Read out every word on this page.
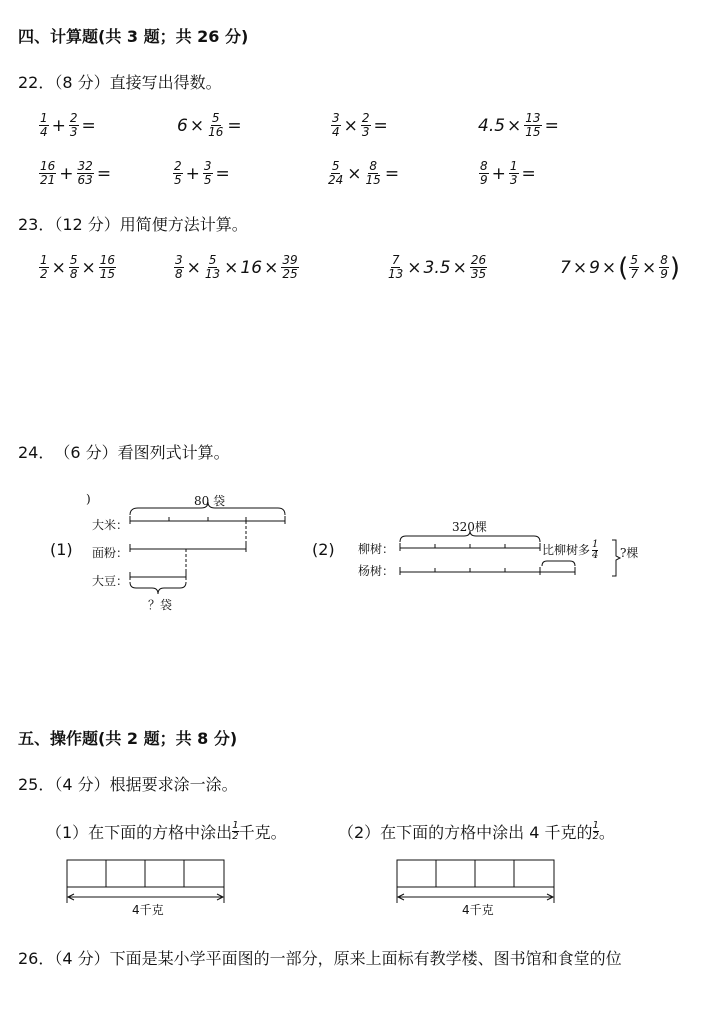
四、计算题(共 3 题；共 26 分)
22．（8 分）直接写出得数。
$\frac{1}{4} + \frac{2}{3}$ =	$6 \times \frac{5}{16}$ =	$\frac{3}{4} \times \frac{2}{3}$ =	$4.5 \times \frac{13}{15}$ =
$\frac{16}{21} + \frac{32}{63}$ =	$\frac{2}{5} + \frac{3}{5}$ =	$\frac{5}{24} \times \frac{8}{15}$ =	$\frac{8}{9} + \frac{1}{3}$ =
23．（12 分）用简便方法计算。
$\frac{1}{2} \times \frac{5}{8} \times \frac{16}{15}$	$\frac{3}{8} \times \frac{5}{13} \times 16 \times \frac{39}{25}$	$\frac{7}{13} \times 3.5 \times \frac{26}{35}$	7 × 9 × ( $\frac{5}{7} \times \frac{8}{9}$ )
24．　（6 分）看图列式计算。
(1)
)	80 袋
大米：
面粉：
大豆：
？袋
(2)
320棵
柳树：
杨树：
比柳树多 $\frac{1}{4}$ ?棵
五、操作题(共 2 题；共 8 分)
25．（4 分）根据要求涂一涂。
（1）在下面的方格中涂出 1
2 千克。	（2）在下面的方格中涂出 4 千克的 1
2 。
4千克	4千克
26．（4 分）下面是某小学平面图的一部分，原来上面标有教学楼、图书馆和食堂的位
